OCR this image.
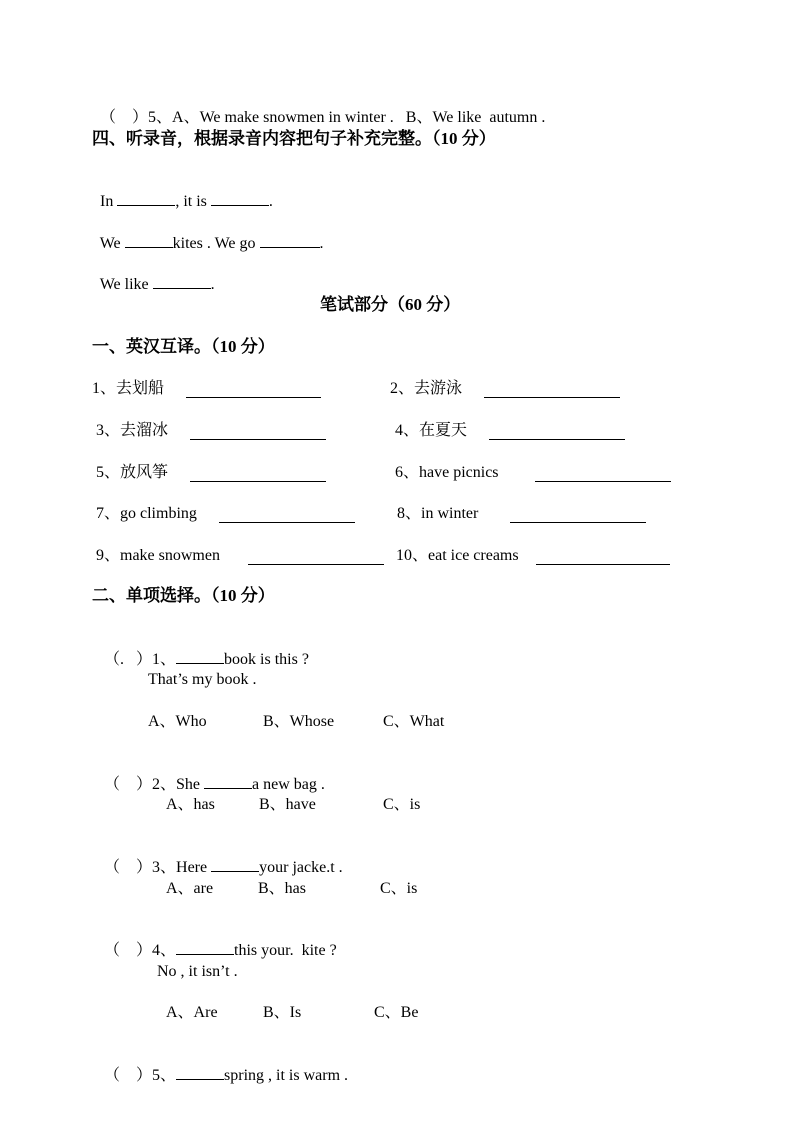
（    ）5、A、We make snowmen in winter .   B、We like  autumn .

四、听录音，根据录音内容把句子补充完整。（10 分）

In	, it is	.

We	kites . We go	.

We like	.

笔试部分（60 分）
一、英汉互译。（10 分）
1、去划船	2、去游泳
3、去溜冰	4、在夏天
5、放风筝	6、have picnics
7、go climbing	8、in winter
9、make snowmen	10、eat ice creams
二、单项选择。（10 分）

（.   ）1、	book is this ?

That’s my book .
A、Who	B、Whose	C、What

（    ）2、She	a new bag .

A、has	B、have	C、is

（    ）3、Here	your jacke.t .

A、are	B、has	C、is

（    ）4、	this your.  kite ?

No , it isn’t .
A、Are	B、Is	C、Be

（    ）5、	spring , it is warm .
